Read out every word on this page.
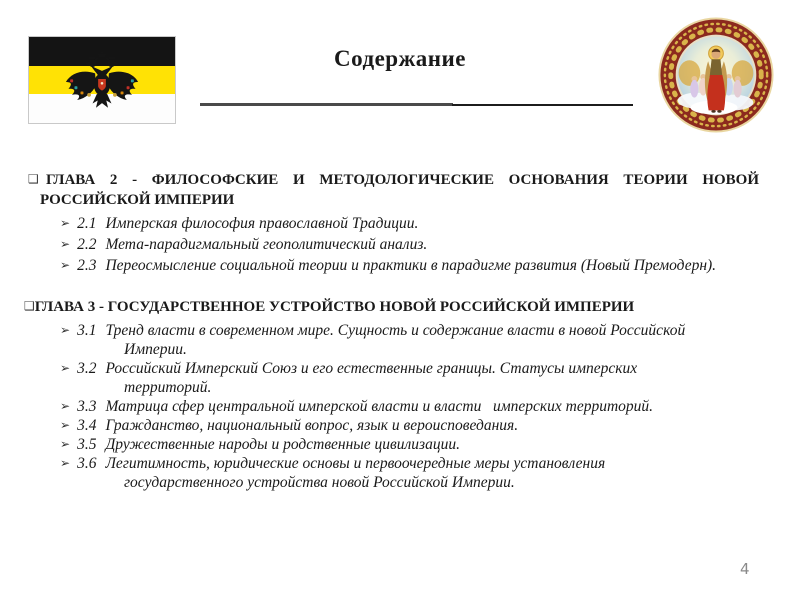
Содержание
❑ ГЛАВА 2 - ФИЛОСОФСКИЕ И МЕТОДОЛОГИЧЕСКИЕ ОСНОВАНИЯ ТЕОРИИ НОВОЙ
РОССИЙСКОЙ ИМПЕРИИ
➢ 2.1 Имперская философия православной Традиции.
➢ 2.2 Мета-парадигмальный геополитический анализ.
➢ 2.3 Переосмысление социальной теории и практики в парадигме развития (Новый Премодерн).
❑ГЛАВА 3 - ГОСУДАРСТВЕННОЕ УСТРОЙСТВО НОВОЙ РОССИЙСКОЙ ИМПЕРИИ
➢ 3.1 Тренд власти в современном мире. Сущность и содержание власти в новой Российской
Империи.
➢ 3.2 Российский Имперский Союз и его естественные границы. Статусы имперских
территорий.
➢ 3.3 Матрица сфер центральной имперской власти и власти   имперских территорий.
➢ 3.4 Гражданство, национальный вопрос, язык и вероисповедания.
➢ 3.5 Дружественные народы и родственные цивилизации.
➢ 3.6 Легитимность, юридические основы и первоочередные меры установления
государственного устройства новой Российской Империи.
4
